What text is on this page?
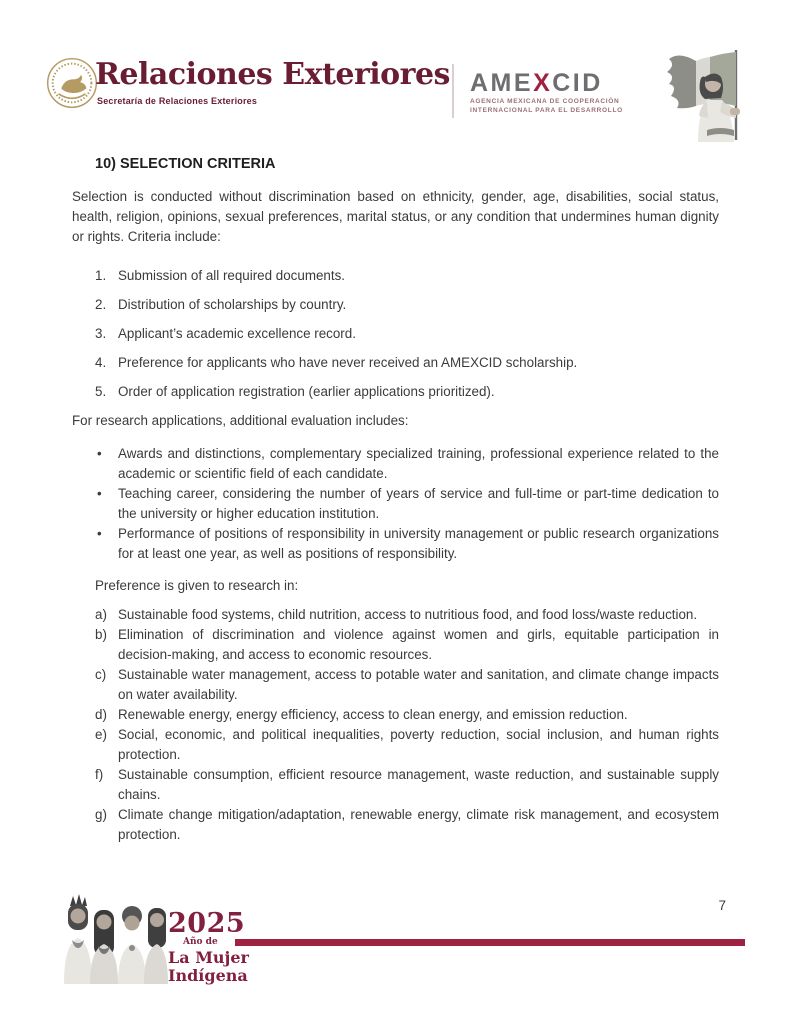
Relaciones Exteriores
Secretaría de Relaciones Exteriores
AMEXCID
AGENCIA MEXICANA DE COOPERACIÓN
INTERNACIONAL PARA EL DESARROLLO
10) SELECTION CRITERIA

Selection is conducted without discrimination based on ethnicity, gender, age, disabilities, social status, health, religion, opinions, sexual preferences, marital status, or any condition that undermines human dignity or rights. Criteria include:

1. Submission of all required documents.
2. Distribution of scholarships by country.
3. Applicant’s academic excellence record.
4. Preference for applicants who have never received an AMEXCID scholarship.
5. Order of application registration (earlier applications prioritized).

For research applications, additional evaluation includes:

•	Awards and distinctions, complementary specialized training, professional experience related to the academic or scientific field of each candidate.
•	Teaching career, considering the number of years of service and full-time or part-time dedication to the university or higher education institution.
•	Performance of positions of responsibility in university management or public research organizations for at least one year, as well as positions of responsibility.

Preference is given to research in:

a) Sustainable food systems, child nutrition, access to nutritious food, and food loss/waste reduction.
b) Elimination of discrimination and violence against women and girls, equitable participation in decision-making, and access to economic resources.
c) Sustainable water management, access to potable water and sanitation, and climate change impacts on water availability.
d) Renewable energy, energy efficiency, access to clean energy, and emission reduction.
e) Social, economic, and political inequalities, poverty reduction, social inclusion, and human rights protection.
f)	Sustainable consumption, efficient resource management, waste reduction, and sustainable supply chains.
g) Climate change mitigation/adaptation, renewable energy, climate risk management, and ecosystem protection.
2025
Año de
La Mujer
Indígena
7
